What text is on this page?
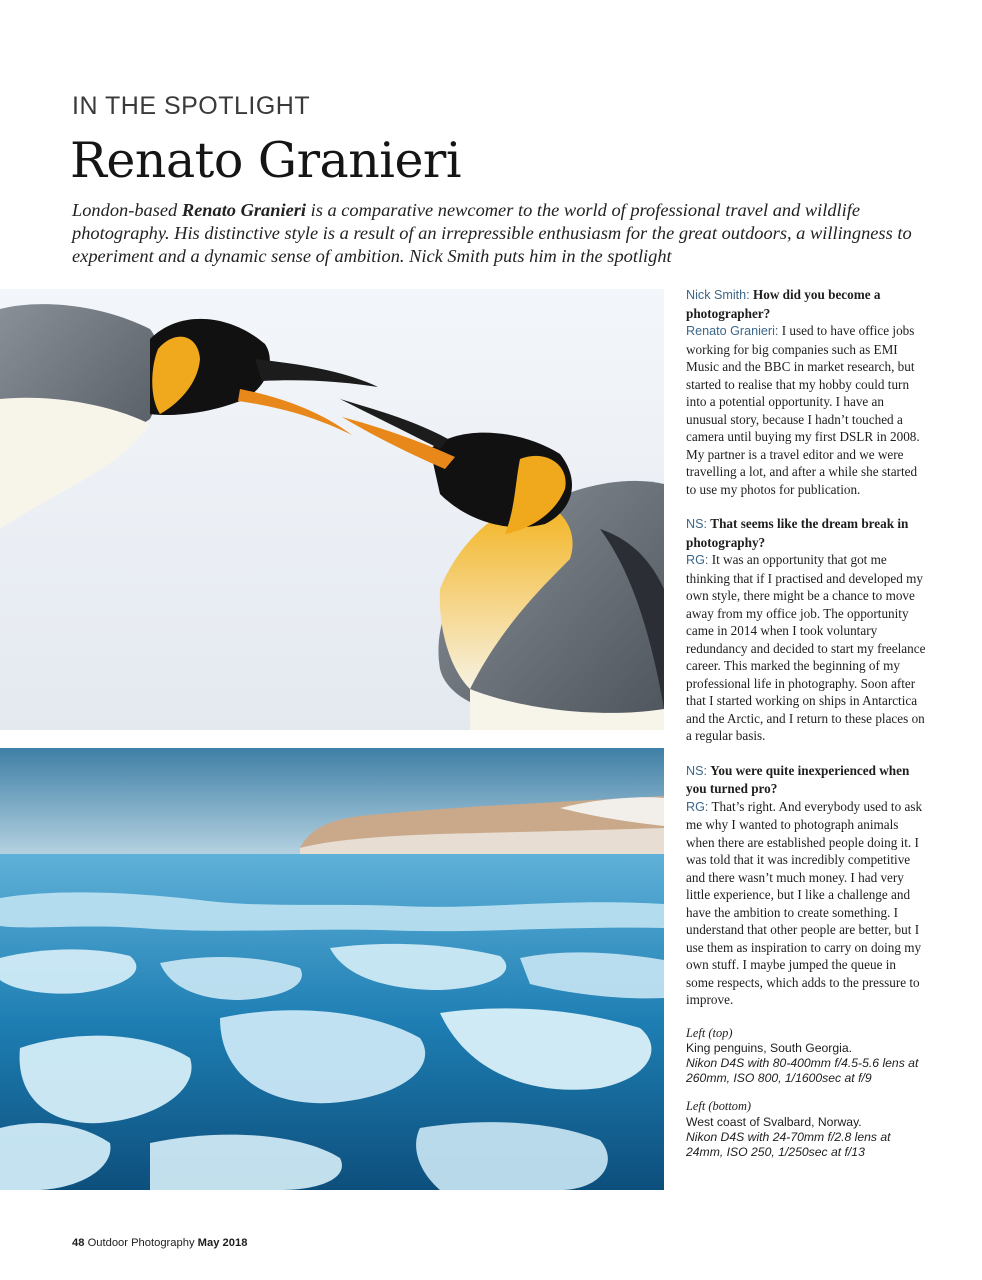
IN THE SPOTLIGHT
Renato Granieri
London-based Renato Granieri is a comparative newcomer to the world of professional travel and wildlife photography. His distinctive style is a result of an irrepressible enthusiasm for the great outdoors, a willingness to experiment and a dynamic sense of ambition. Nick Smith puts him in the spotlight

Nick Smith: How did you become a photographer?
Renato Granieri: I used to have office jobs working for big companies such as EMI Music and the BBC in market research, but started to realise that my hobby could turn into a potential opportunity. I have an unusual story, because I hadn’t touched a camera until buying my first DSLR in 2008. My partner is a travel editor and we were travelling a lot, and after a while she started to use my photos for publication.

NS: That seems like the dream break in photography?
RG: It was an opportunity that got me thinking that if I practised and developed my own style, there might be a chance to move away from my office job. The opportunity came in 2014 when I took voluntary redundancy and decided to start my freelance career. This marked the beginning of my professional life in photography. Soon after that I started working on ships in Antarctica and the Arctic, and I return to these places on a regular basis.

NS: You were quite inexperienced when you turned pro?
RG: That’s right. And everybody used to ask me why I wanted to photograph animals when there are established people doing it. I was told that it was incredibly competitive and there wasn’t much money. I had very little experience, but I like a challenge and have the ambition to create something. I understand that other people are better, but I use them as inspiration to carry on doing my own stuff. I maybe jumped the queue in some respects, which adds to the pressure to improve.

Left (top)
King penguins, South Georgia.
Nikon D4S with 80-400mm f/4.5-5.6 lens at 260mm, ISO 800, 1/1600sec at f/9
Left (bottom)
West coast of Svalbard, Norway.
Nikon D4S with 24-70mm f/2.8 lens at 24mm, ISO 250, 1/250sec at f/13
48 Outdoor Photography May 2018
